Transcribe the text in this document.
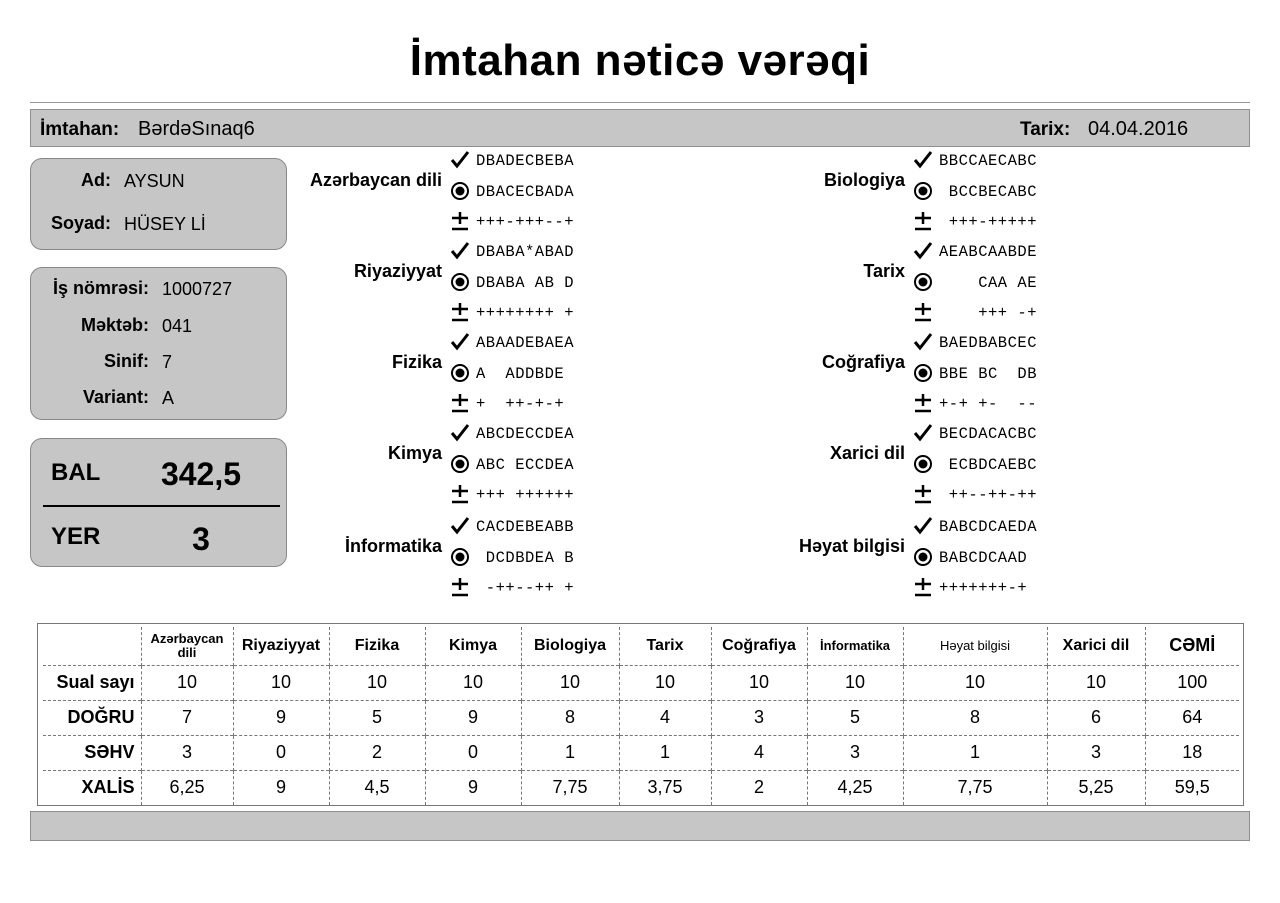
İmtahan nəticə vərəqi
İmtahan: BərdəSınaq6	Tarix: 04.04.2016
Ad: AYSUN
Soyad: HÜSEY Lİ
İş nömrəsi: 1000727
Məktəb: 041
Sinif: 7
Variant: A
BAL	342,5
YER	3
Azərbaycan dili
DBADECBEBA
DBACECBADA
+++-+++--+
Riyaziyyat
DBABA*ABAD
DBABA AB D
++++++++ +
Fizika
ABAADEBAEA
A  ADDBDE
+  ++-+-+
Kimya
ABCDECCDEA
ABC ECCDEA
+++ ++++++
İnformatika
CACDEBEABB
DCDBDEA B
-++--++ +
Biologiya
BBCCAECABC
BCCBECABC
+++-+++++
Tarix
AEABCAABDE
CAA AE
+++ -+
Coğrafiya
BAEDBABCEC
BBE BC  DB
+-+ +-  --
Xarici dil
BECDACACBC
ECBDCAEBC
++--++-++
Həyat bilgisi
BABCDCAEDA
BABCDCAAD
+++++++-+
	Azərbaycan dili	Riyaziyyat	Fizika	Kimya	Biologiya	Tarix	Coğrafiya	İnformatika	Həyat bilgisi	Xarici dil	CƏMİ
Sual sayı	10	10	10	10	10	10	10	10	10	10	100
DOĞRU	7	9	5	9	8	4	3	5	8	6	64
SƏHV	3	0	2	0	1	1	4	3	1	3	18
XALİS	6,25	9	4,5	9	7,75	3,75	2	4,25	7,75	5,25	59,5
